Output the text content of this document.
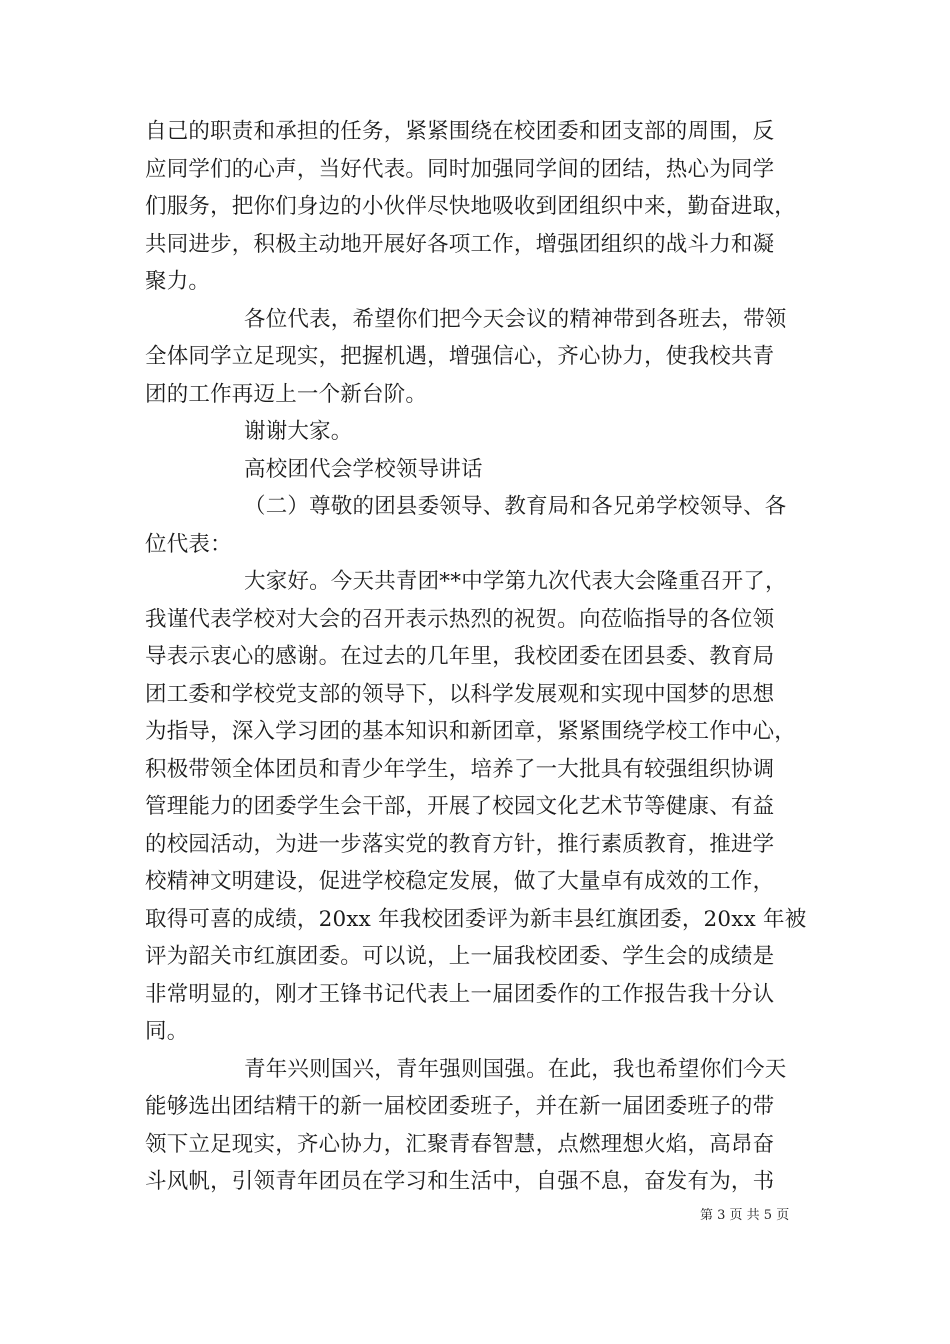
自己的职责和承担的任务，紧紧围绕在校团委和团支部的周围，反
应同学们的心声，当好代表。同时加强同学间的团结，热心为同学
们服务，把你们身边的小伙伴尽快地吸收到团组织中来，勤奋进取，
共同进步，积极主动地开展好各项工作，增强团组织的战斗力和凝
聚力。

各位代表，希望你们把今天会议的精神带到各班去，带领
全体同学立足现实，把握机遇，增强信心，齐心协力，使我校共青
团的工作再迈上一个新台阶。

谢谢大家。

高校团代会学校领导讲话

（二）尊敬的团县委领导、教育局和各兄弟学校领导、各
位代表：

大家好。今天共青团**中学第九次代表大会隆重召开了，
我谨代表学校对大会的召开表示热烈的祝贺。向莅临指导的各位领
导表示衷心的感谢。在过去的几年里，我校团委在团县委、教育局
团工委和学校党支部的领导下，以科学发展观和实现中国梦的思想
为指导，深入学习团的基本知识和新团章，紧紧围绕学校工作中心，
积极带领全体团员和青少年学生，培养了一大批具有较强组织协调
管理能力的团委学生会干部，开展了校园文化艺术节等健康、有益
的校园活动，为进一步落实党的教育方针，推行素质教育，推进学
校精神文明建设，促进学校稳定发展，做了大量卓有成效的工作，
取得可喜的成绩，20xx 年我校团委评为新丰县红旗团委，20xx 年被
评为韶关市红旗团委。可以说，上一届我校团委、学生会的成绩是
非常明显的，刚才王锋书记代表上一届团委作的工作报告我十分认
同。

青年兴则国兴，青年强则国强。在此，我也希望你们今天
能够选出团结精干的新一届校团委班子，并在新一届团委班子的带
领下立足现实，齐心协力，汇聚青春智慧，点燃理想火焰，高昂奋
斗风帆，引领青年团员在学习和生活中，自强不息，奋发有为，书

第 3 页 共 5 页
